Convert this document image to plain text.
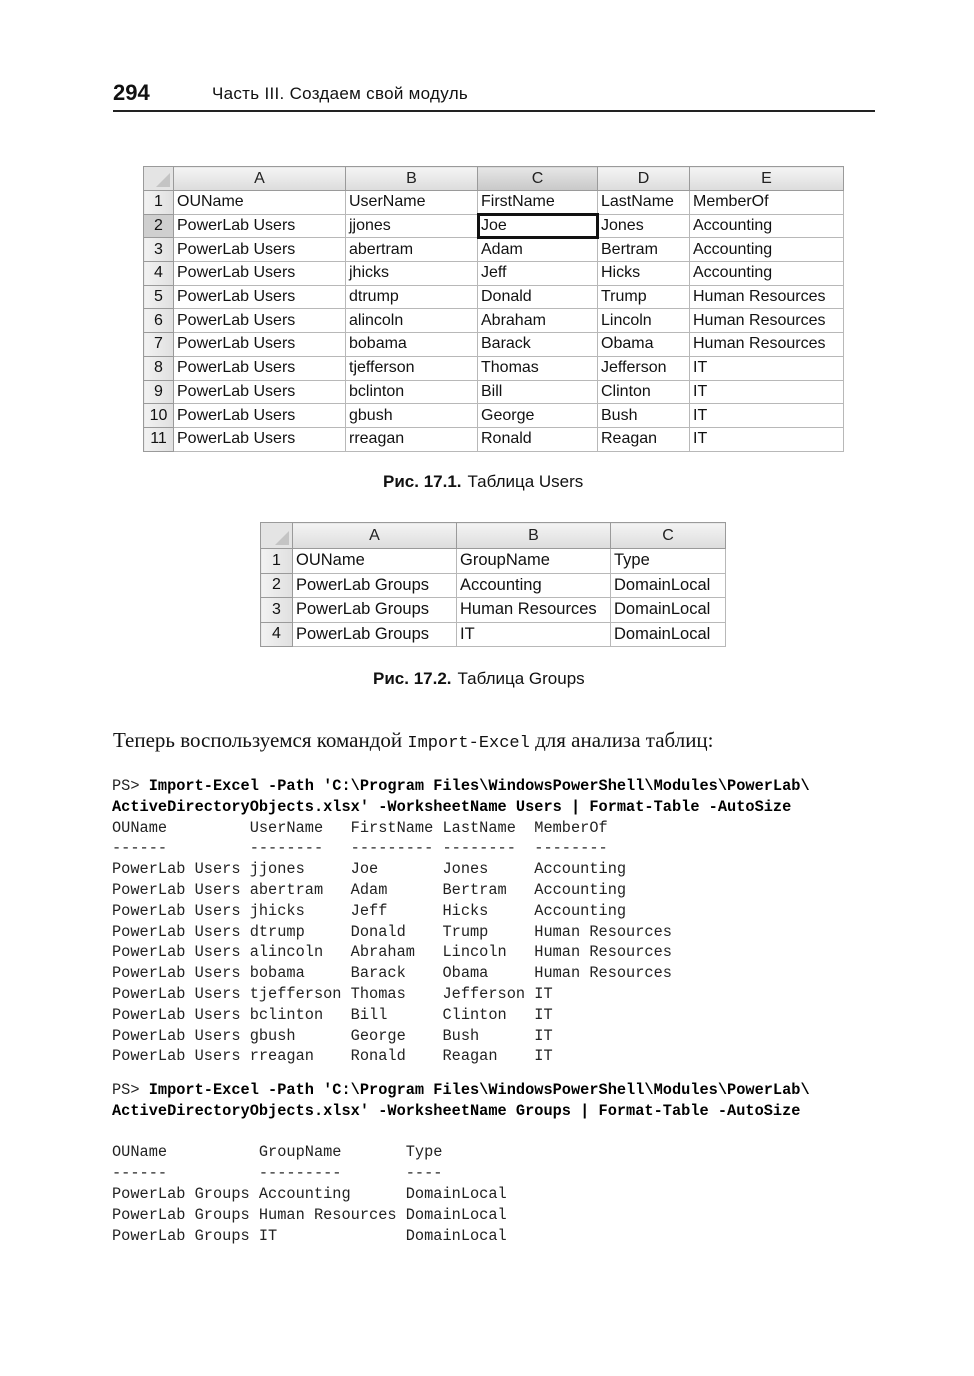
294	Часть III. Создаем свой модуль
	A	B	C	D	E
1	OUName	UserName	FirstName	LastName	MemberOf
2	PowerLab Users	jjones	Joe	Jones	Accounting
3	PowerLab Users	abertram	Adam	Bertram	Accounting
4	PowerLab Users	jhicks	Jeff	Hicks	Accounting
5	PowerLab Users	dtrump	Donald	Trump	Human Resources
6	PowerLab Users	alincoln	Abraham	Lincoln	Human Resources
7	PowerLab Users	bobama	Barack	Obama	Human Resources
8	PowerLab Users	tjefferson	Thomas	Jefferson	IT
9	PowerLab Users	bclinton	Bill	Clinton	IT
10	PowerLab Users	gbush	George	Bush	IT
11	PowerLab Users	rreagan	Ronald	Reagan	IT
Рис. 17.1. Таблица Users
	A	B	C
1	OUName	GroupName	Type
2	PowerLab Groups	Accounting	DomainLocal
3	PowerLab Groups	Human Resources	DomainLocal
4	PowerLab Groups	IT	DomainLocal
Рис. 17.2. Таблица Groups
Теперь воспользуемся командой Import-Excel для анализа таблиц:
PS> Import-Excel -Path 'C:\Program Files\WindowsPowerShell\Modules\PowerLab\
ActiveDirectoryObjects.xlsx' -WorksheetName Users | Format-Table -AutoSize
OUName         UserName   FirstName LastName  MemberOf
------         --------   --------- --------  --------
PowerLab Users jjones     Joe       Jones     Accounting
PowerLab Users abertram   Adam      Bertram   Accounting
PowerLab Users jhicks     Jeff      Hicks     Accounting
PowerLab Users dtrump     Donald    Trump     Human Resources
PowerLab Users alincoln   Abraham   Lincoln   Human Resources
PowerLab Users bobama     Barack    Obama     Human Resources
PowerLab Users tjefferson Thomas    Jefferson IT
PowerLab Users bclinton   Bill      Clinton   IT
PowerLab Users gbush      George    Bush      IT
PowerLab Users rreagan    Ronald    Reagan    IT
PS> Import-Excel -Path 'C:\Program Files\WindowsPowerShell\Modules\PowerLab\
ActiveDirectoryObjects.xlsx' -WorksheetName Groups | Format-Table -AutoSize

OUName          GroupName       Type
------          ---------       ----
PowerLab Groups Accounting      DomainLocal
PowerLab Groups Human Resources DomainLocal
PowerLab Groups IT              DomainLocal
